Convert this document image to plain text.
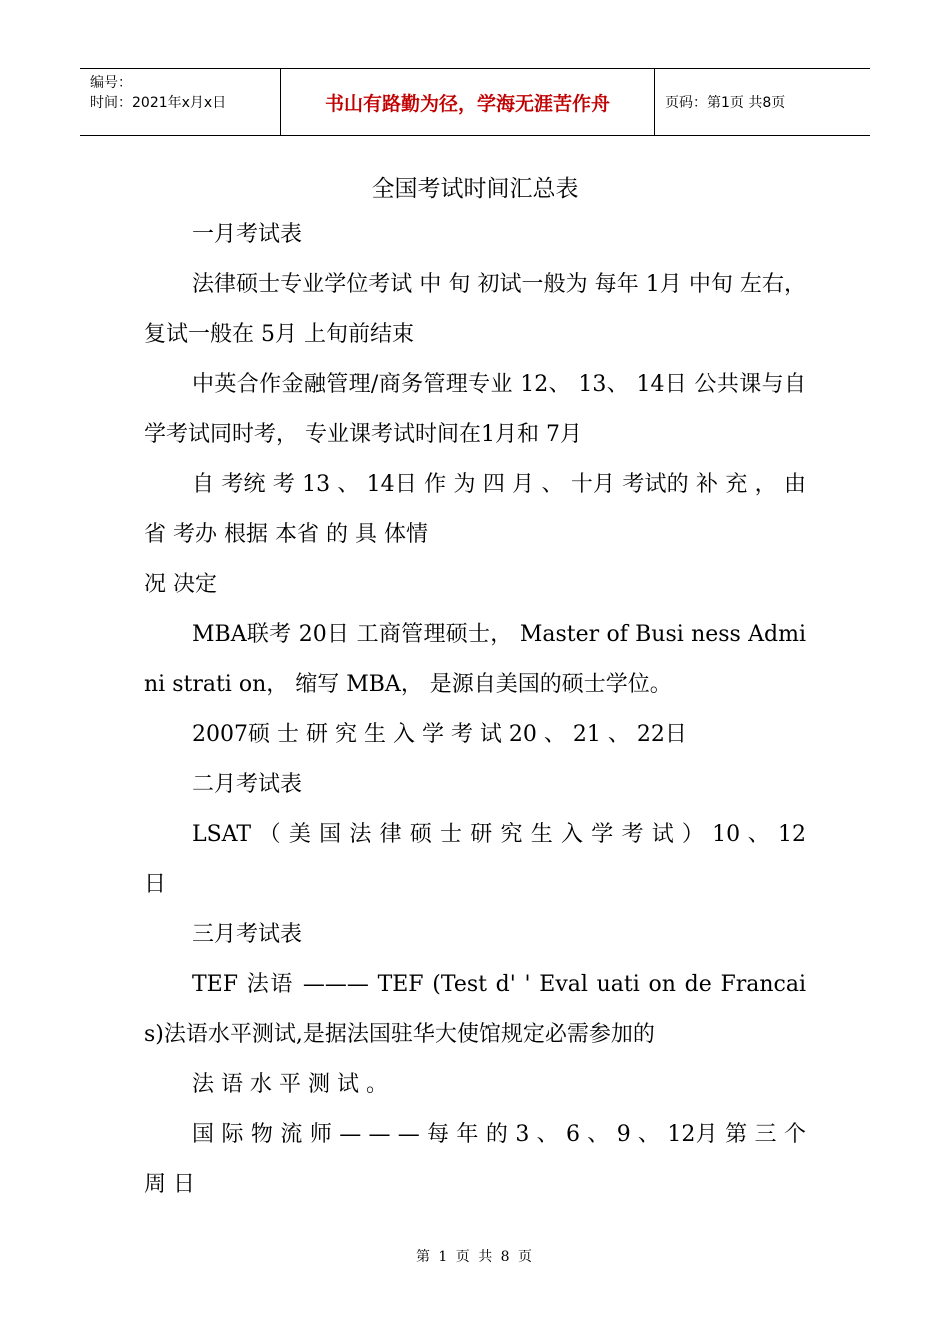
编号：
时间：2021年x月x日	书山有路勤为径，学海无涯苦作舟	页码：第1页 共8页
全国考试时间汇总表

一月考试表

法律硕士专业学位考试 中 旬 初试一般为 每年 1月 中旬 左右， 复试一般在 5月 上旬前结束

中英合作金融管理/商务管理专业 12、 13、 14日 公共课与自学考试同时考， 专业课考试时间在1月和 7月

自 考统 考 13 、 14日 作 为 四 月 、 十月 考试的 补 充 ， 由 省 考办 根据 本省 的 具 体情

况 决定

MBA联考 20日 工商管理硕士， Master of Busi ness Admi ni strati on， 缩写 MBA， 是源自美国的硕士学位。

2007硕 士 研 究 生 入 学 考 试 20 、 21 、 22日

二月考试表

LSAT （ 美 国 法 律 硕 士 研 究 生 入 学 考 试 ） 10 、 12日

三月考试表

TEF 法语 ——— TEF (Test d' ' Eval uati on de Francai s)法语水平测试,是据法国驻华大使馆规定必需参加的

法 语 水 平 测 试 。

国 际 物 流 师 — — — 每 年 的 3 、 6 、 9 、 12月 第 三 个 周 日

第 1 页 共 8 页
